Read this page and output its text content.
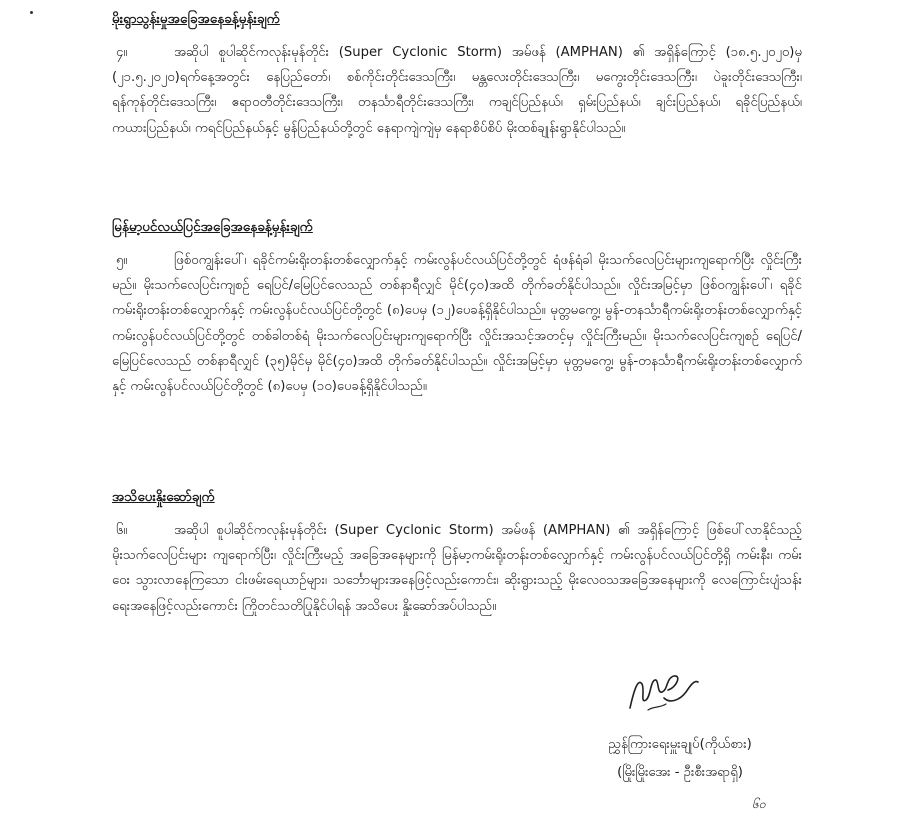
မိုးရွာသွန်းမှုအခြေအနေခန့်မှန်းချက်

၄။	အဆိုပါ စူပါဆိုင်ကလုန်းမုန်တိုင်း (Super Cyclonic Storm) အမ်ဖန် (AMPHAN) ၏ အရှိန်ကြောင့် (၁၈.၅.၂၀၂၀)မှ (၂၁.၅.၂၀၂၀)ရက်နေ့အတွင်း နေပြည်တော်၊ စစ်ကိုင်းတိုင်းဒေသကြီး၊ မန္တလေးတိုင်းဒေသကြီး၊ မကွေးတိုင်းဒေသကြီး၊ ပဲခူးတိုင်းဒေသကြီး၊ ရန်ကုန်တိုင်းဒေသကြီး၊ ဧရာဝတီတိုင်းဒေသကြီး၊ တနင်္သာရီတိုင်းဒေသကြီး၊ ကချင်ပြည်နယ်၊ ရှမ်းပြည်နယ်၊ ချင်းပြည်နယ်၊ ရခိုင်ပြည်နယ်၊ ကယားပြည်နယ်၊ ကရင်ပြည်နယ်နှင့် မွန်ပြည်နယ်တို့တွင် နေရာကျဲကျဲမှ နေရာစိပ်စိပ် မိုးထစ်ချုန်းရွာနိုင်ပါသည်။

မြန်မာ့ပင်လယ်ပြင်အခြေအနေခန့်မှန်းချက်

၅။	ဖြစ်ဝကျွန်းပေါ်၊ ရခိုင်ကမ်းရိုးတန်းတစ်လျှောက်နှင့် ကမ်းလွန်ပင်လယ်ပြင်တို့တွင် ရံဖန်ရံခါ မိုးသက်လေပြင်းများကျရောက်ပြီး လှိုင်းကြီးမည်။ မိုးသက်လေပြင်းကျစဉ် ရေပြင်/မြေပြင်လေသည် တစ်နာရီလျှင် မိုင်(၄၀)အထိ တိုက်ခတ်နိုင်ပါသည်။ လှိုင်းအမြင့်မှာ ဖြစ်ဝကျွန်းပေါ်၊ ရခိုင်ကမ်းရိုးတန်းတစ်လျှောက်နှင့် ကမ်းလွန်ပင်လယ်ပြင်တို့တွင် (၈)ပေမှ (၁၂)ပေခန့်ရှိနိုင်ပါသည်။ မုတ္တမကွေ့၊ မွန်-တနင်္သာရီကမ်းရိုးတန်းတစ်လျှောက်နှင့် ကမ်းလွန်ပင်လယ်ပြင်တို့တွင် တစ်ခါတစ်ရံ မိုးသက်လေပြင်းများကျရောက်ပြီး လှိုင်းအသင့်အတင့်မှ လှိုင်းကြီးမည်။ မိုးသက်လေပြင်းကျစဉ် ရေပြင်/မြေပြင်လေသည် တစ်နာရီလျှင် (၃၅)မိုင်မှ မိုင်(၄၀)အထိ တိုက်ခတ်နိုင်ပါသည်။ လှိုင်းအမြင့်မှာ မုတ္တမကွေ့၊ မွန်-တနင်္သာရီကမ်းရိုးတန်းတစ်လျှောက်နှင့် ကမ်းလွန်ပင်လယ်ပြင်တို့တွင် (၈)ပေမှ (၁၀)ပေခန့်ရှိနိုင်ပါသည်။

အသိပေးနှိုးဆော်ချက်

၆။	အဆိုပါ စူပါဆိုင်ကလုန်းမုန်တိုင်း (Super Cyclonic Storm) အမ်ဖန် (AMPHAN) ၏ အရှိန်ကြောင့် ဖြစ်ပေါ်လာနိုင်သည့် မိုးသက်လေပြင်းများ ကျရောက်ပြီး၊ လှိုင်းကြီးမည့် အခြေအနေများကို မြန်မာ့ကမ်းရိုးတန်းတစ်လျှောက်နှင့် ကမ်းလွန်ပင်လယ်ပြင်တို့ရှိ ကမ်းနီး၊ ကမ်းဝေး သွားလာနေကြသော ငါးဖမ်းရေယာဉ်များ၊ သင်္ဘောများအနေဖြင့်လည်းကောင်း၊ ဆိုးရွားသည့် မိုးလေဝသအခြေအနေများကို လေကြောင်းပျံသန်းရေးအနေဖြင့်လည်းကောင်း ကြိုတင်သတိပြုနိုင်ပါရန် အသိပေး နှိုးဆော်အပ်ပါသည်။

ညွှန်ကြားရေးမှူးချုပ်(ကိုယ်စား)

(မြိုးမြိုးအေး - ဦးစီးအရာရှိ)

၆၀
